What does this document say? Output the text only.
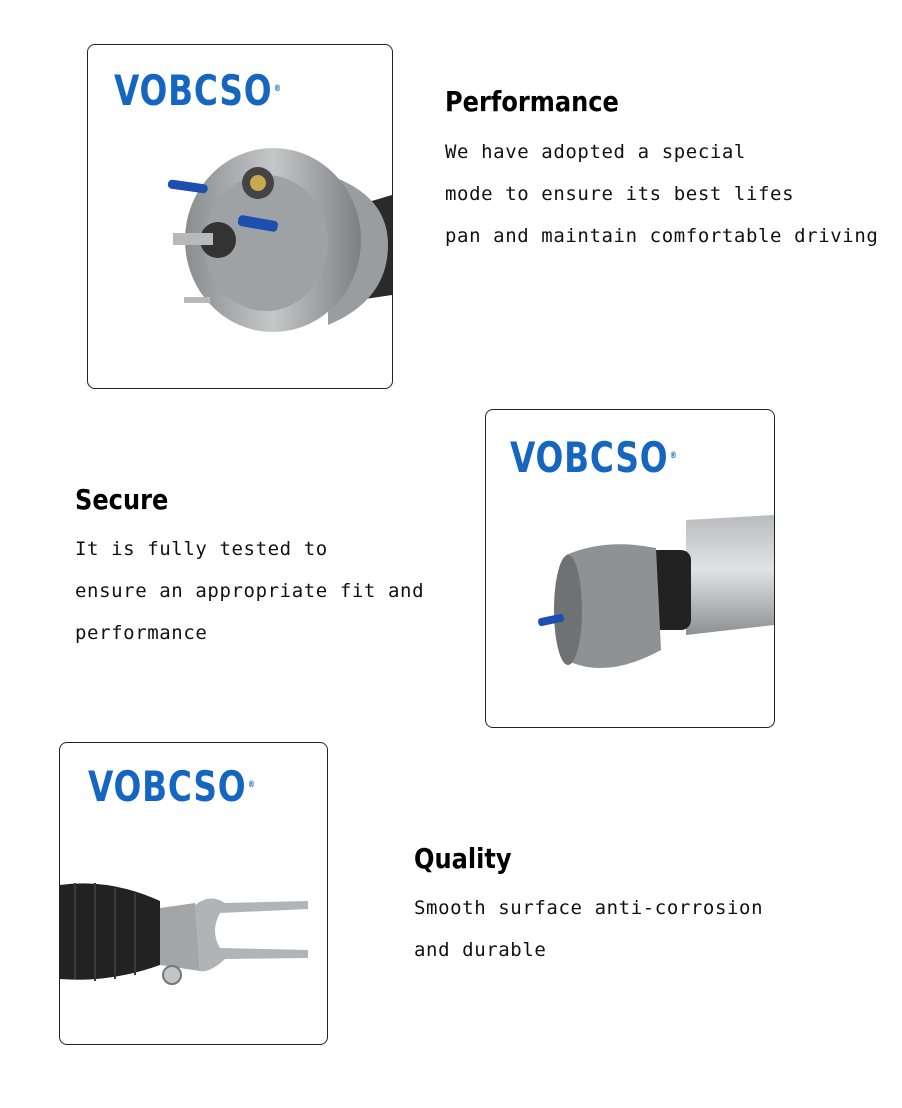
VOBCSO ®	Performance

We have adopted a special

mode to ensure its best lifes

pan and maintain comfortable driving

VOBCSO ®
Secure

It is fully tested to

ensure an appropriate fit and

performance

VOBCSO ®
Quality

Smooth surface anti-corrosion

and durable
